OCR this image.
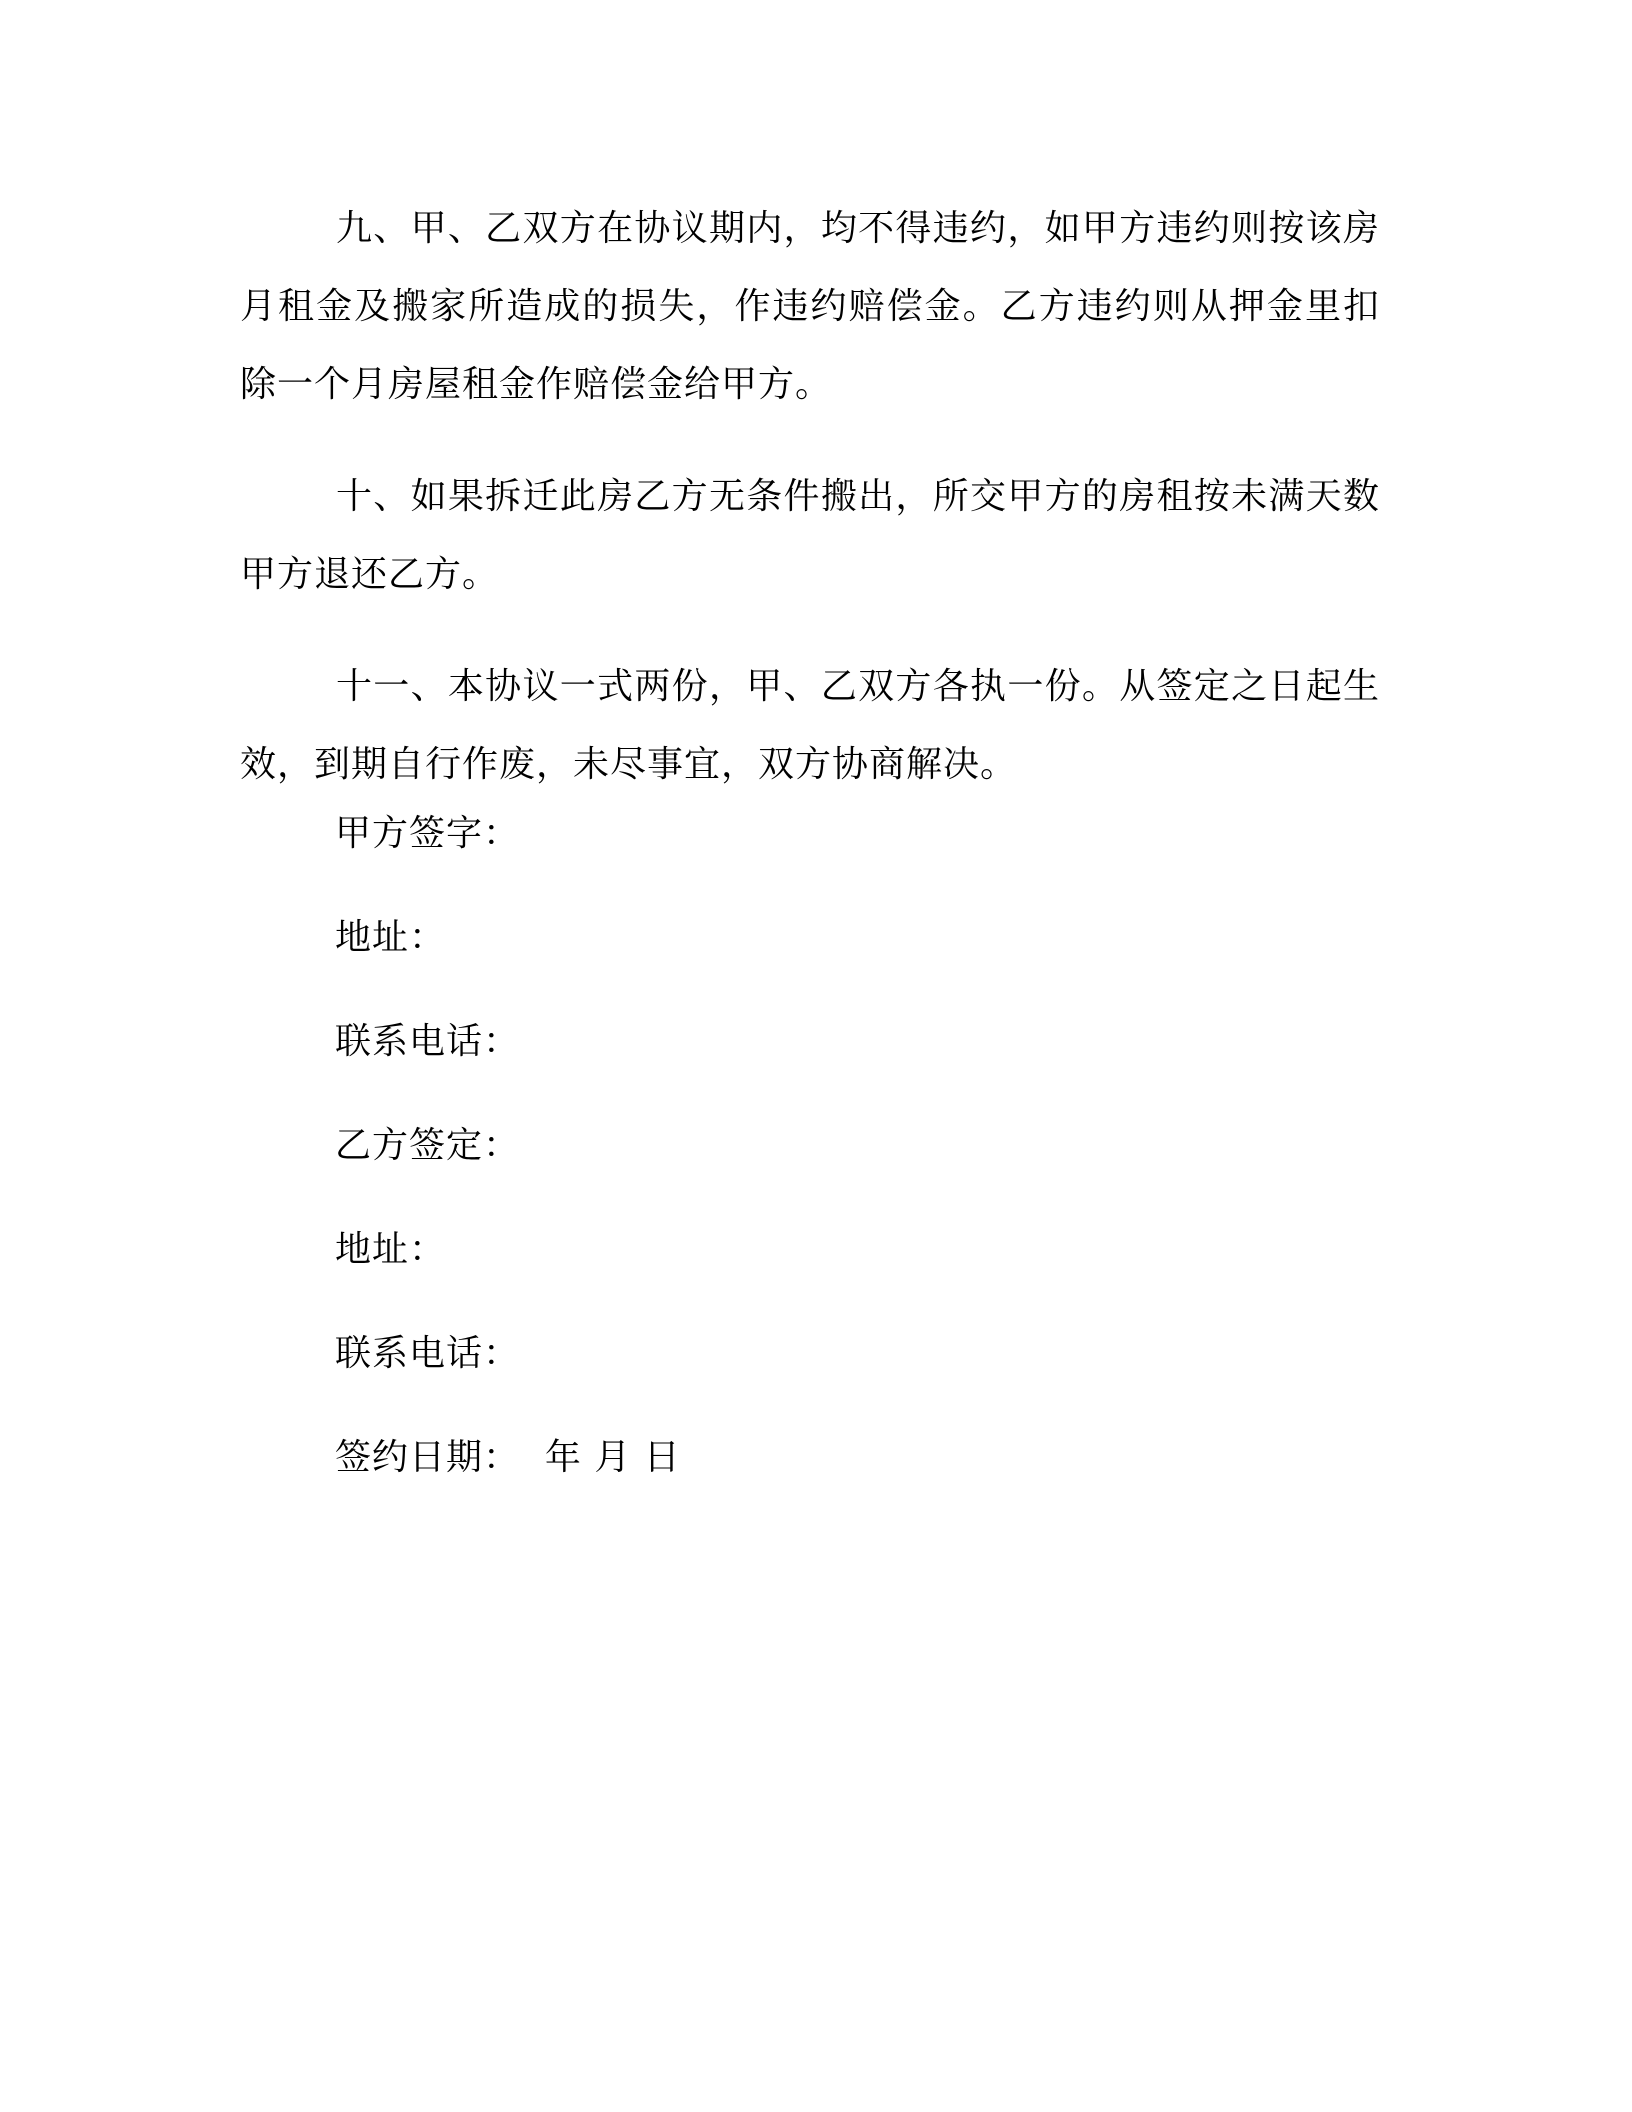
九、甲、乙双方在协议期内，均不得违约，如甲方违约则按该房月租金及搬家所造成的损失，作违约赔偿金。乙方违约则从押金里扣除一个月房屋租金作赔偿金给甲方。

十、如果拆迁此房乙方无条件搬出，所交甲方的房租按未满天数甲方退还乙方。

十一、本协议一式两份，甲、乙双方各执一份。从签定之日起生效，到期自行作废，未尽事宜，双方协商解决。

甲方签字：
地址：
联系电话：
乙方签定：
地址：
联系电话：
签约日期：  年 月 日
